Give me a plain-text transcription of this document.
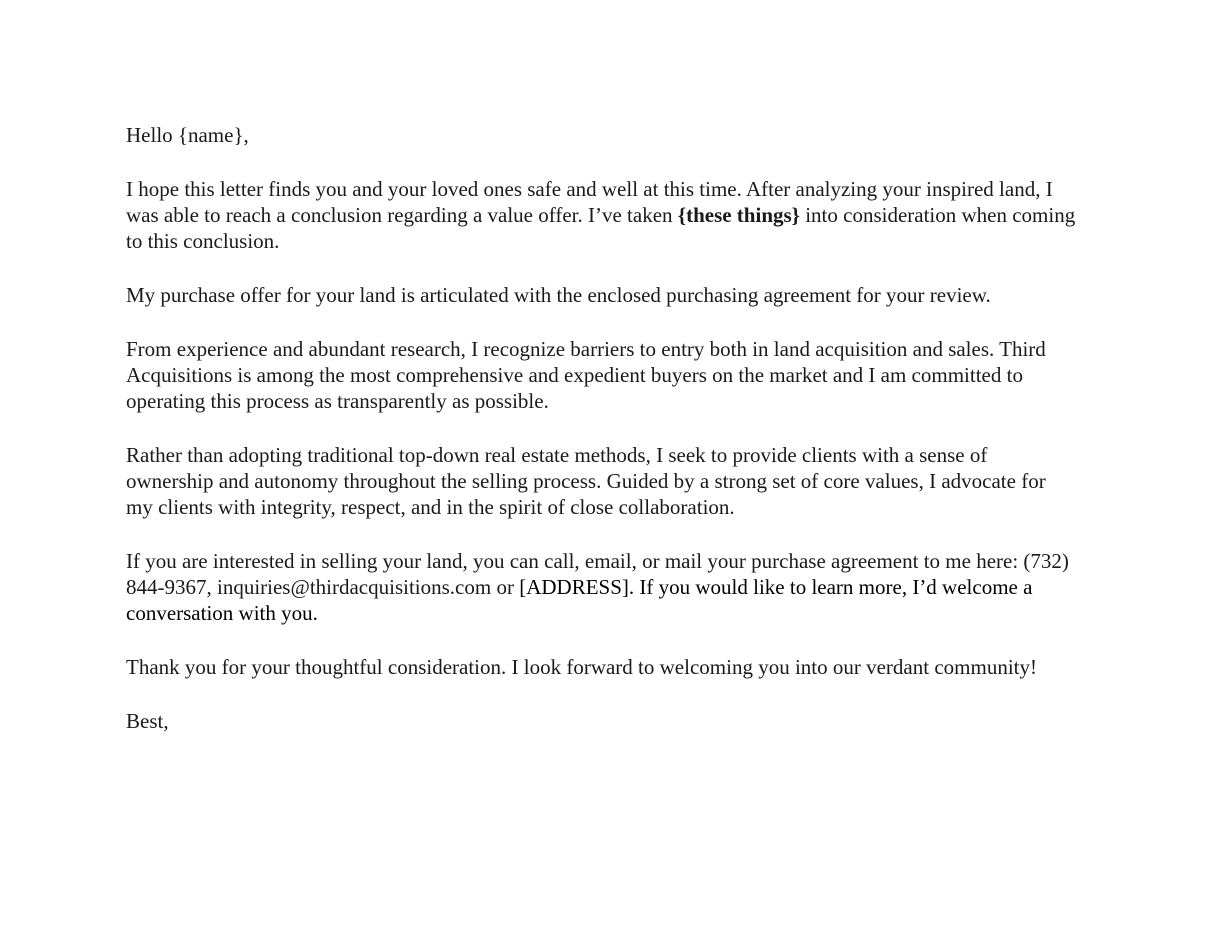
Hello {name},

I hope this letter finds you and your loved ones safe and well at this time. After analyzing your inspired land, I was able to reach a conclusion regarding a value offer. I’ve taken {these things} into consideration when coming to this conclusion.

My purchase offer for your land is articulated with the enclosed purchasing agreement for your review.

From experience and abundant research, I recognize barriers to entry both in land acquisition and sales. Third Acquisitions is among the most comprehensive and expedient buyers on the market and I am committed to operating this process as transparently as possible.

Rather than adopting traditional top-down real estate methods, I seek to provide clients with a sense of ownership and autonomy throughout the selling process. Guided by a strong set of core values, I advocate for my clients with integrity, respect, and in the spirit of close collaboration.

If you are interested in selling your land, you can call, email, or mail your purchase agreement to me here: (732) 844-9367, inquiries@thirdacquisitions.com or [ADDRESS]. If you would like to learn more, I’d welcome a conversation with you.

Thank you for your thoughtful consideration. I look forward to welcoming you into our verdant community!

Best,
